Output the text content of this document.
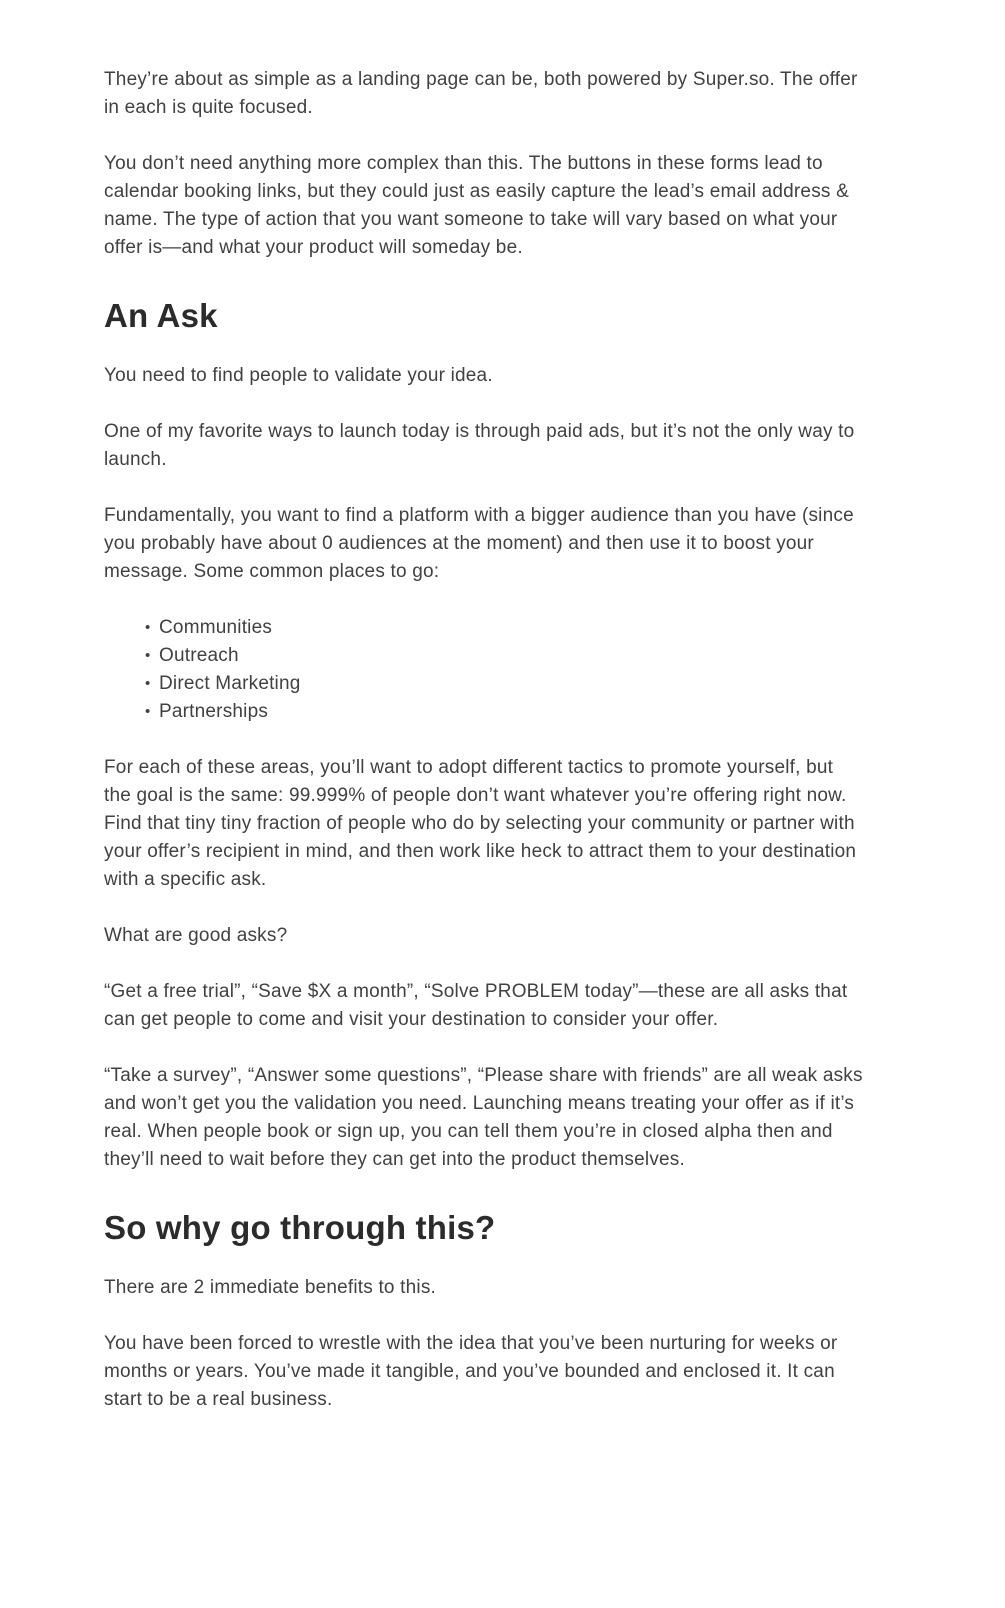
They’re about as simple as a landing page can be, both powered by Super.so. The offer in each is quite focused.

You don’t need anything more complex than this. The buttons in these forms lead to calendar booking links, but they could just as easily capture the lead’s email address & name. The type of action that you want someone to take will vary based on what your offer is—and what your product will someday be.

An Ask

You need to find people to validate your idea.

One of my favorite ways to launch today is through paid ads, but it’s not the only way to launch.

Fundamentally, you want to find a platform with a bigger audience than you have (since you probably have about 0 audiences at the moment) and then use it to boost your message. Some common places to go:

• Communities
• Outreach
• Direct Marketing
• Partnerships

For each of these areas, you’ll want to adopt different tactics to promote yourself, but the goal is the same: 99.999% of people don’t want whatever you’re offering right now. Find that tiny tiny fraction of people who do by selecting your community or partner with your offer’s recipient in mind, and then work like heck to attract them to your destination with a specific ask.

What are good asks?

“Get a free trial”, “Save $X a month”, “Solve PROBLEM today”—these are all asks that can get people to come and visit your destination to consider your offer.

“Take a survey”, “Answer some questions”, “Please share with friends” are all weak asks and won’t get you the validation you need. Launching means treating your offer as if it’s real. When people book or sign up, you can tell them you’re in closed alpha then and they’ll need to wait before they can get into the product themselves.

So why go through this?

There are 2 immediate benefits to this.

You have been forced to wrestle with the idea that you’ve been nurturing for weeks or months or years. You’ve made it tangible, and you’ve bounded and enclosed it. It can start to be a real business.
